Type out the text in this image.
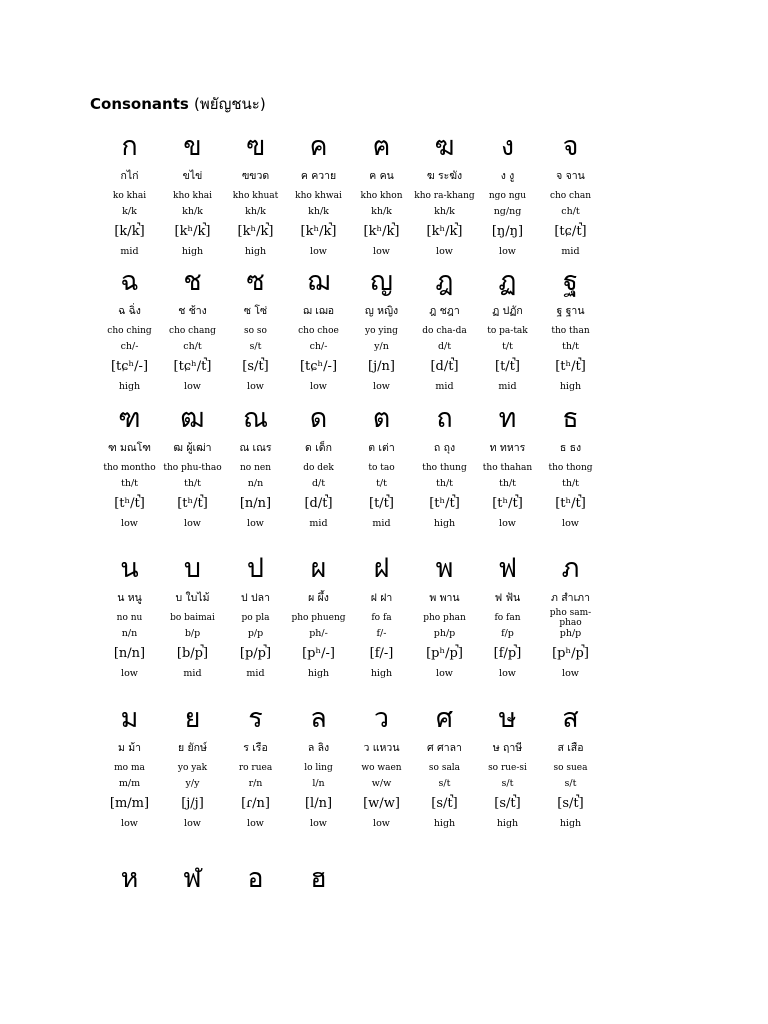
Consonants (พยัญชนะ)
ก
กไก่
ko khai
k/k
[k/k̚]
mid
ข
ขไข่
kho khai
kh/k
[kʰ/k̚]
high
ฃ
ฃขวด
kho khuat
kh/k
[kʰ/k̚]
high
ค
ค ควาย
kho khwai
kh/k
[kʰ/k̚]
low
ฅ
ฅ คน
kho khon
kh/k
[kʰ/k̚]
low
ฆ
ฆ ระฆัง
kho ra-khang
kh/k
[kʰ/k̚]
low
ง
ง งู
ngo ngu
ng/ng
[ŋ/ŋ]
low
จ
จ จาน
cho chan
ch/t
[tɕ/t̚]
mid
ฉ
ฉ ฉิ่ง
cho ching
ch/-
[tɕʰ/-]
high
ช
ช ช้าง
cho chang
ch/t
[tɕʰ/t̚]
low
ซ
ซ โซ่
so so
s/t
[s/t̚]
low
ฌ
ฌ เฌอ
cho choe
ch/-
[tɕʰ/-]
low
ญ
ญ หญิง
yo ying
y/n
[j/n]
low
ฎ
ฎ ชฎา
do cha-da
d/t
[d/t̚]
mid
ฏ
ฏ ปฏัก
to pa-tak
t/t
[t/t̚]
mid
ฐ
ฐ ฐาน
tho than
th/t
[tʰ/t̚]
high
ฑ
ฑ มณโฑ
tho montho
th/t
[tʰ/t̚]
low
ฒ
ฒ ผู้เฒ่า
tho phu-thao
th/t
[tʰ/t̚]
low
ณ
ณ เณร
no nen
n/n
[n/n]
low
ด
ด เด็ก
do dek
d/t
[d/t̚]
mid
ต
ต เต่า
to tao
t/t
[t/t̚]
mid
ถ
ถ ถุง
tho thung
th/t
[tʰ/t̚]
high
ท
ท ทหาร
tho thahan
th/t
[tʰ/t̚]
low
ธ
ธ ธง
tho thong
th/t
[tʰ/t̚]
low
น
น หนู
no nu
n/n
[n/n]
low
บ
บ ใบไม้
bo baimai
b/p
[b/p̚]
mid
ป
ป ปลา
po pla
p/p
[p/p̚]
mid
ผ
ผ ผึ้ง
pho phueng
ph/-
[pʰ/-]
high
ฝ
ฝ ฝา
fo fa
f/-
[f/-]
high
พ
พ พาน
pho phan
ph/p
[pʰ/p̚]
low
ฟ
ฟ ฟัน
fo fan
f/p
[f/p̚]
low
ภ
ภ สำเภา
pho sam-phao
ph/p
[pʰ/p̚]
low
ม
ม ม้า
mo ma
m/m
[m/m]
low
ย
ย ยักษ์
yo yak
y/y
[j/j]
low
ร
ร เรือ
ro ruea
r/n
[ɾ/n]
low
ล
ล ลิง
lo ling
l/n
[l/n]
low
ว
ว แหวน
wo waen
w/w
[w/w]
low
ศ
ศ ศาลา
so sala
s/t
[s/t̚]
high
ษ
ษ ฤาษี
so rue-si
s/t
[s/t̚]
high
ส
ส เสือ
so suea
s/t
[s/t̚]
high
ห ฬ อ ฮ
